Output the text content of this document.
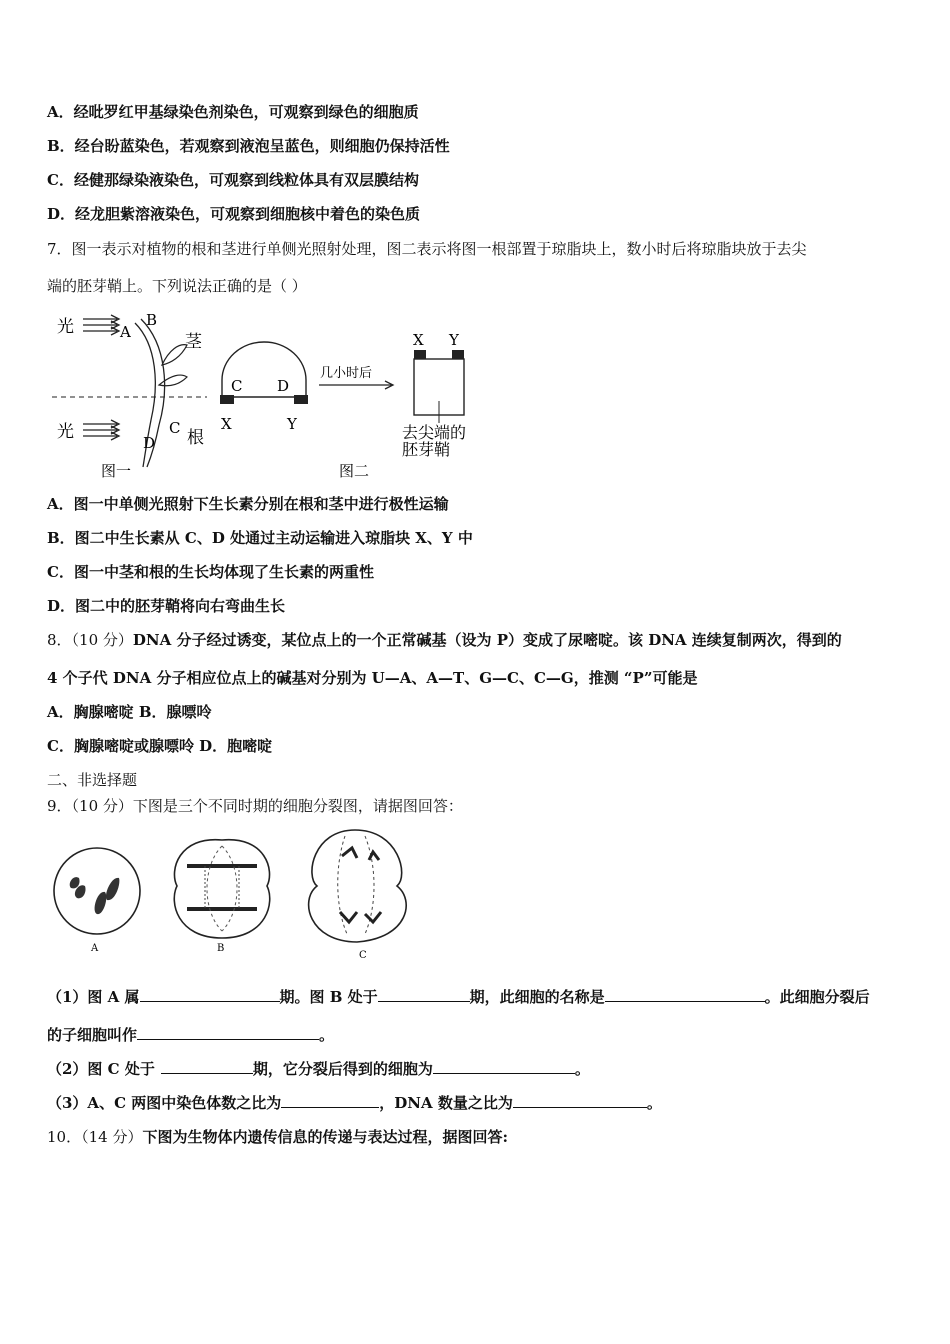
A．经吡罗红甲基绿染色剂染色，可观察到绿色的细胞质
B．经台盼蓝染色，若观察到液泡呈蓝色，则细胞仍保持活性
C．经健那绿染液染色，可观察到线粒体具有双层膜结构
D．经龙胆紫溶液染色，可观察到细胞核中着色的染色质
7．图一表示对植物的根和茎进行单侧光照射处理，图二表示将图一根部置于琼脂块上，数小时后将琼脂块放于去尖
端的胚芽鞘上。下列说法正确的是（ ）
光	A
B
茎
光	C
D 根
图一
C D
X	Y
几小时后
X Y
去尖端的
胚芽鞘
图二
A．图一中单侧光照射下生长素分别在根和茎中进行极性运输
B．图二中生长素从 C、D 处通过主动运输进入琼脂块 X、Y 中
C．图一中茎和根的生长均体现了生长素的两重性
D．图二中的胚芽鞘将向右弯曲生长
8．（10 分）DNA 分子经过诱变，某位点上的一个正常碱基（设为 P）变成了尿嘧啶。该 DNA 连续复制两次，得到的
4 个子代 DNA 分子相应位点上的碱基对分别为 U—A、A—T、G—C、C—G，推测 “P”可能是
A．胸腺嘧啶 B．腺嘌呤
C．胸腺嘧啶或腺嘌呤 D．胞嘧啶
二、非选择题
9．（10 分）下图是三个不同时期的细胞分裂图，请据图回答：
A	B
C
（1）图 A 属	期。图 B 处于	期，此细胞的名称是	。此细胞分裂后
的子细胞叫作	。
（2）图 C 处于	期，它分裂后得到的细胞为	。
（3）A、C 两图中染色体数之比为	，DNA 数量之比为	。
10．（14 分）下图为生物体内遗传信息的传递与表达过程，据图回答:
